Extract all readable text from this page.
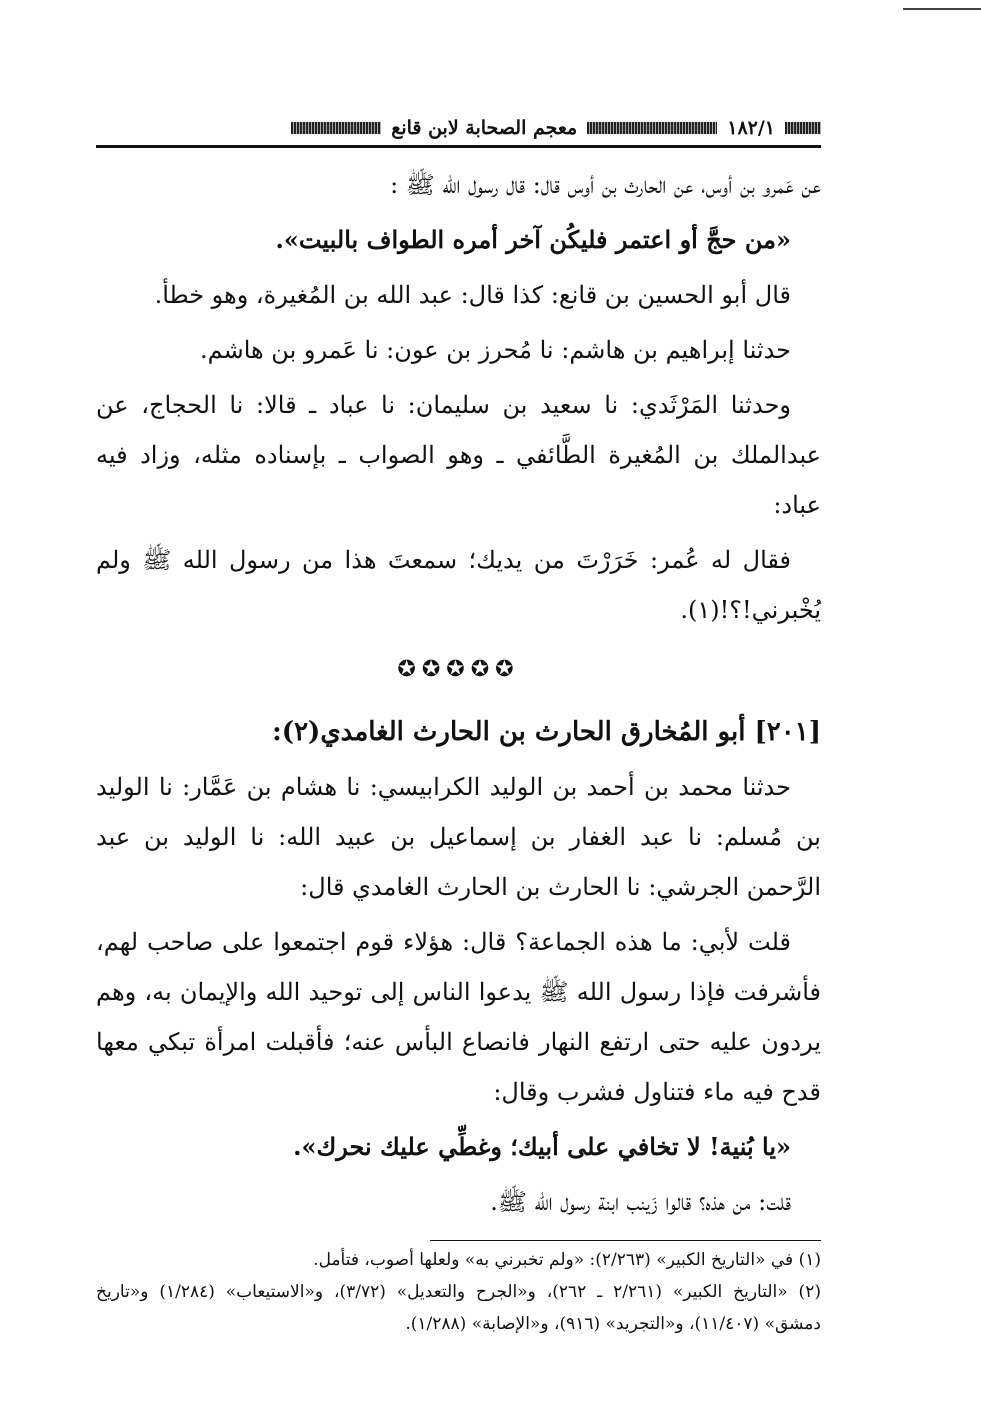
١٨٢/١
معجم الصحابة لابن قانع

عن عَمرو بن أوس، عن الحارث بن أوس قال: قال رسول الله ﷺ :

«من حجَّ أو اعتمر فليكُن آخر أمره الطواف بالبيت».

قال أبو الحسين بن قانع: كذا قال: عبد الله بن المُغيرة، وهو خطأ.

حدثنا إبراهيم بن هاشم: نا مُحرز بن عون: نا عَمرو بن هاشم.

وحدثنا المَرْثَدي: نا سعيد بن سليمان: نا عباد ـ قالا: نا الحجاج، عن عبدالملك بن المُغيرة الطَّائفي ـ وهو الصواب ـ بإسناده مثله، وزاد فيه عباد:

فقال له عُمر: خَرَرْتَ من يديك؛ سمعتَ هذا من رسول الله ﷺ ولم يُخْبرني!؟!(١).

✪✪✪✪✪

[٢٠١] أبو المُخارق الحارث بن الحارث الغامدي(٢):

حدثنا محمد بن أحمد بن الوليد الكرابيسي: نا هشام بن عَمَّار: نا الوليد بن مُسلم: نا عبد الغفار بن إسماعيل بن عبيد الله: نا الوليد بن عبد الرَّحمن الجرشي: نا الحارث بن الحارث الغامدي قال:

قلت لأبي: ما هذه الجماعة؟ قال: هؤلاء قوم اجتمعوا على صاحب لهم، فأشرفت فإذا رسول الله ﷺ يدعوا الناس إلى توحيد الله والإيمان به، وهم يردون عليه حتى ارتفع النهار فانصاع البأس عنه؛ فأقبلت امرأة تبكي معها قدح فيه ماء فتناول فشرب وقال:

«يا بُنية! لا تخافي على أبيك؛ وغطِّي عليك نحرك».

قلت: من هذه؟ قالوا زَينب ابنة رسول الله ﷺ.

(١) في «التاريخ الكبير» (٢/٢٦٣): «ولم تخبرني به» ولعلها أصوب، فتأمل.

(٢) «التاريخ الكبير» (٢/٢٦١ ـ ٢٦٢)، و«الجرح والتعديل» (٣/٧٢)، و«الاستيعاب» (١/٢٨٤) و«تاريخ دمشق» (١١/٤٠٧)، و«التجريد» (٩١٦)، و«الإصابة» (١/٢٨٨).
